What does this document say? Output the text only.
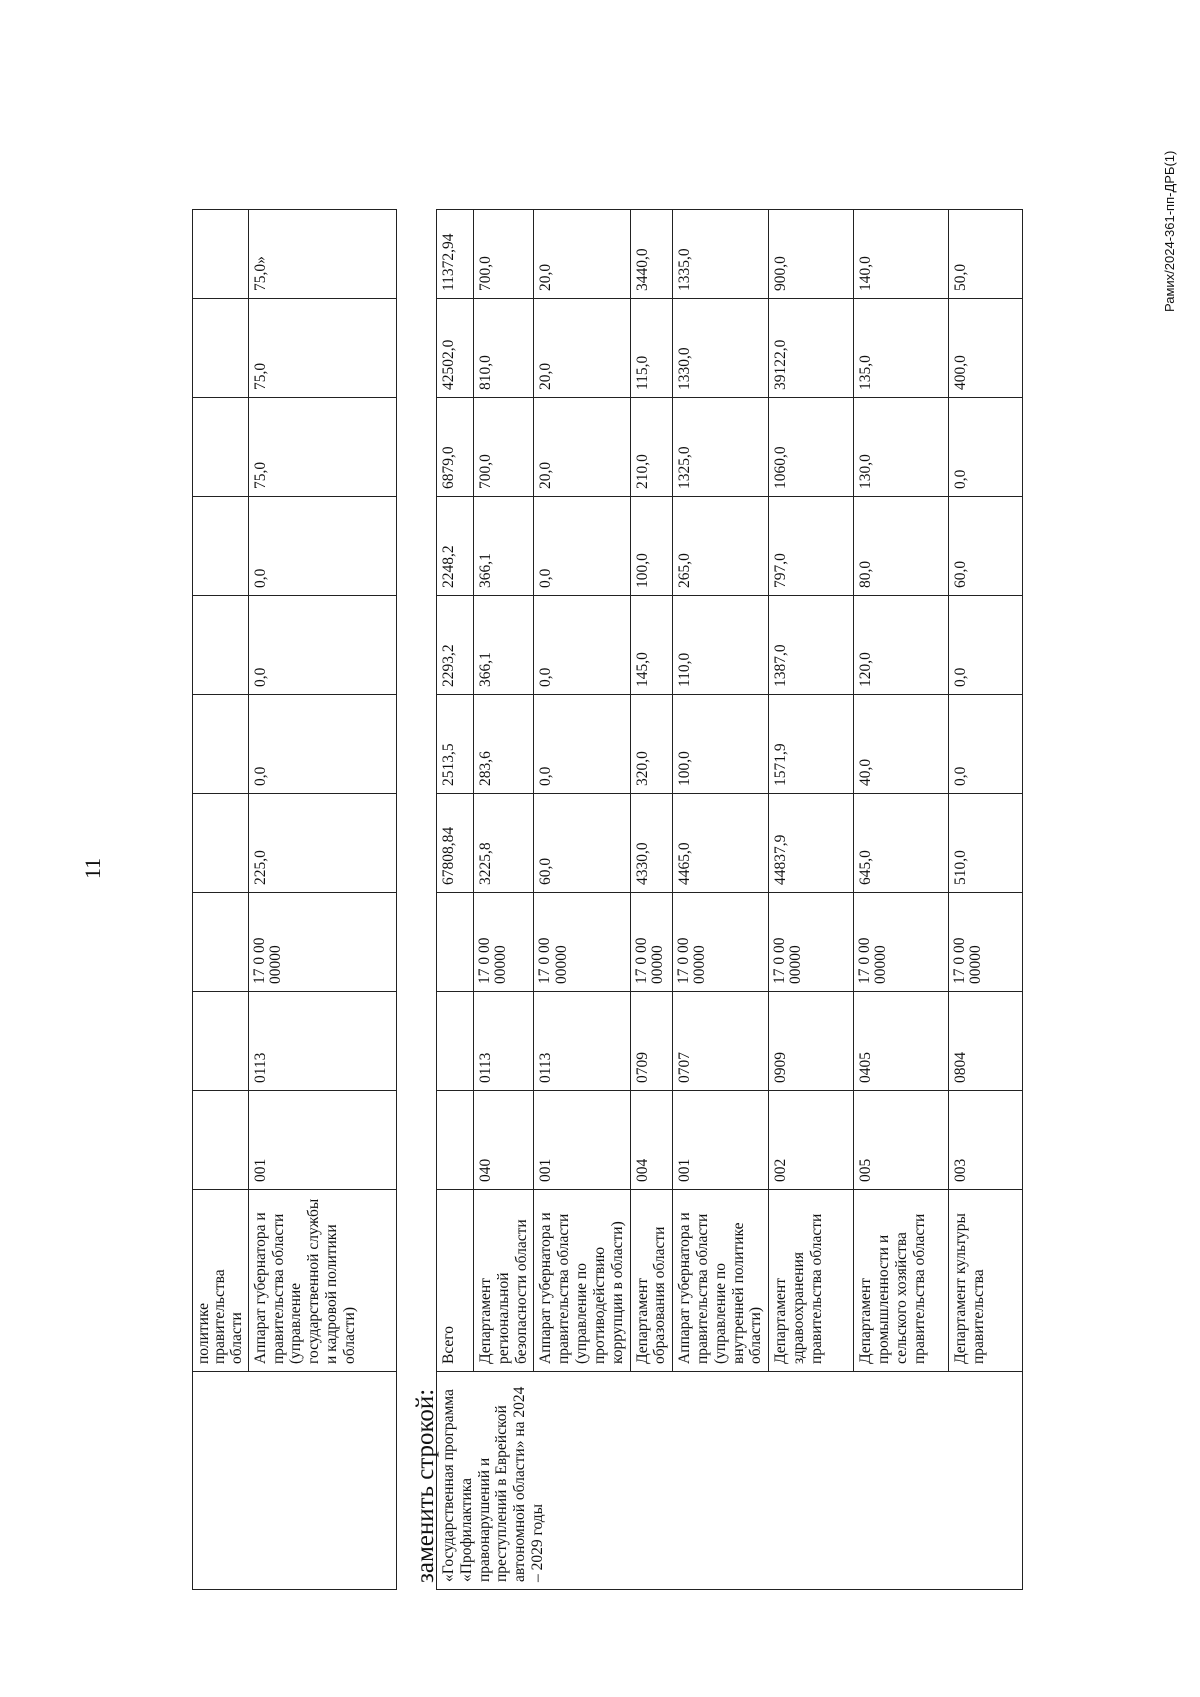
11
	политике
правительства
области										
	Аппарат губернатора и правительства области (управление государственной службы и кадровой политики области)	001	0113	17 0 00
00000	225,0	0,0	0,0	0,0	75,0	75,0	75,0»
заменить строкой: «Государственная программа «Профилактика правонарушений и преступлений в Еврейской автономной области» на 2024 – 2029 годы	Всего				67808,84	2513,5	2293,2	2248,2	6879,0	42502,0	11372,94
	Департамент региональной безопасности области	040	0113	17 0 00
00000	3225,8	283,6	366,1	366,1	700,0	810,0	700,0
	Аппарат губернатора и правительства области (управление по противодействию коррупции в области)	001	0113	17 0 00
00000	60,0	0,0	0,0	0,0	20,0	20,0	20,0
	Департамент образования области	004	0709	17 0 00
00000	4330,0	320,0	145,0	100,0	210,0	115,0	3440,0
	Аппарат губернатора и правительства области (управление по внутренней политике области)	001	0707	17 0 00
00000	4465,0	100,0	110,0	265,0	1325,0	1330,0	1335,0
	Департамент здравоохранения правительства области	002	0909	17 0 00
00000	44837,9	1571,9	1387,0	797,0	1060,0	39122,0	900,0
	Департамент промышленности и сельского хозяйства правительства области	005	0405	17 0 00
00000	645,0	40,0	120,0	80,0	130,0	135,0	140,0
	Департамент культуры правительства	003	0804	17 0 00
00000	510,0	0,0	0,0	60,0	0,0	400,0	50,0	Рамих/2024-361-пп-ДРБ(1)
